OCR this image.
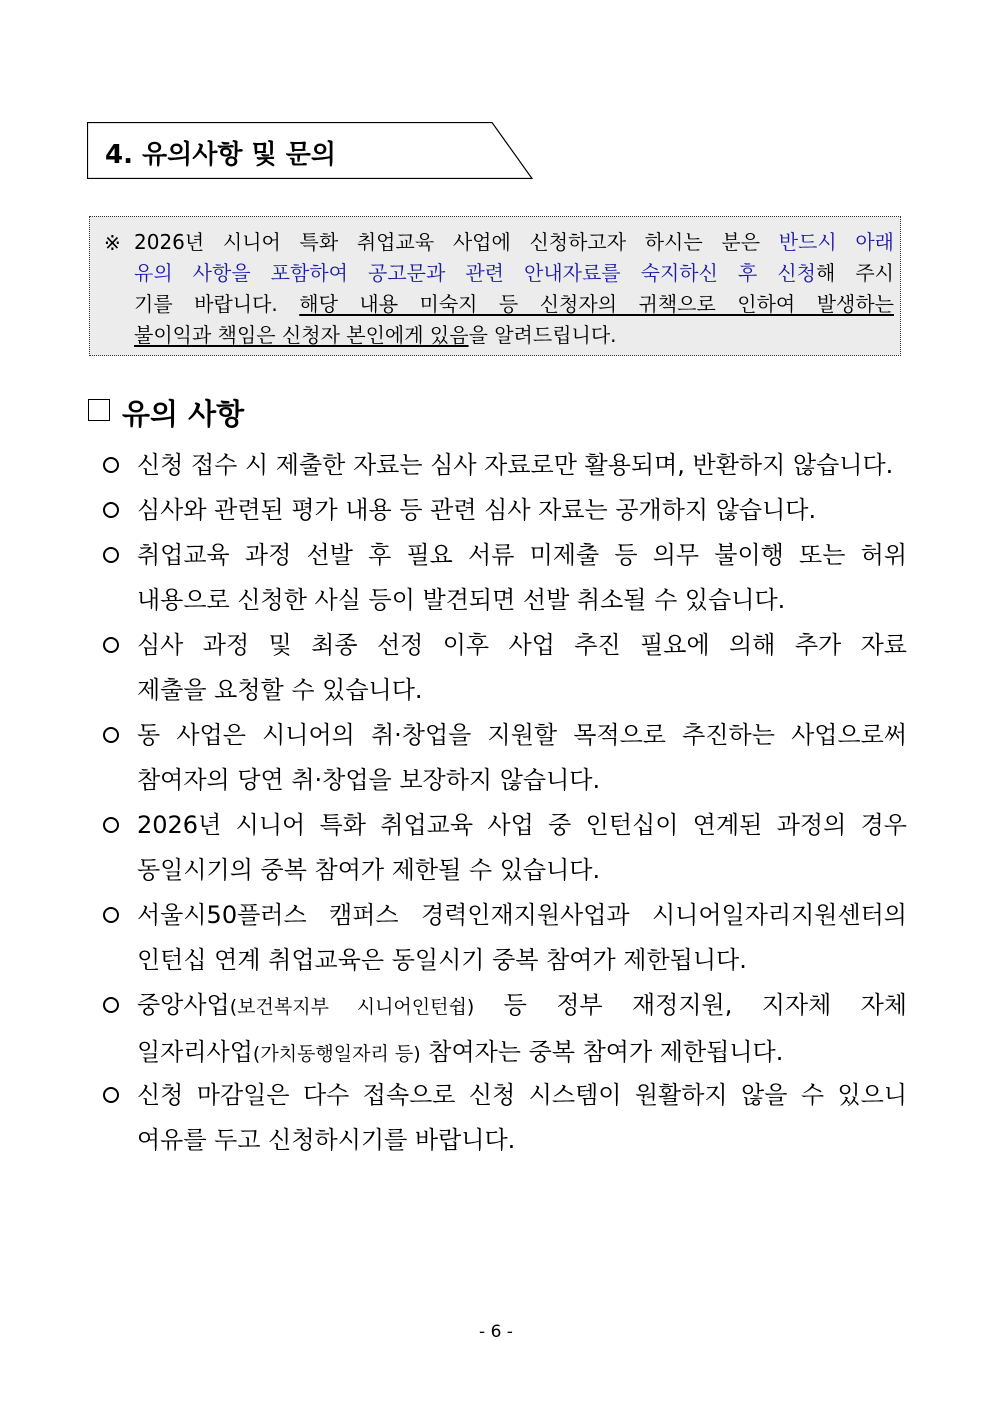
4. 유의사항 및 문의
※ 2026년 시니어 특화 취업교육 사업에 신청하고자 하시는 분은 반드시 아래
유의 사항을 포함하여 공고문과 관련 안내자료를 숙지하신 후 신청해 주시
기를 바랍니다. 해당 내용 미숙지 등 신청자의 귀책으로 인하여 발생하는
불이익과 책임은 신청자 본인에게 있음을 알려드립니다.
유의 사항
신청 접수 시 제출한 자료는 심사 자료로만 활용되며, 반환하지 않습니다.
심사와 관련된 평가 내용 등 관련 심사 자료는 공개하지 않습니다.
취업교육 과정 선발 후 필요 서류 미제출 등 의무 불이행 또는 허위
내용으로 신청한 사실 등이 발견되면 선발 취소될 수 있습니다.
심사 과정 및 최종 선정 이후 사업 추진 필요에 의해 추가 자료
제출을 요청할 수 있습니다.
동 사업은 시니어의 취·창업을 지원할 목적으로 추진하는 사업으로써
참여자의 당연 취·창업을 보장하지 않습니다.
2026년 시니어 특화 취업교육 사업 중 인턴십이 연계된 과정의 경우
동일시기의 중복 참여가 제한될 수 있습니다.
서울시50플러스 캠퍼스 경력인재지원사업과 시니어일자리지원센터의
인턴십 연계 취업교육은 동일시기 중복 참여가 제한됩니다.
중앙사업(보건복지부 시니어인턴쉽) 등 정부 재정지원, 지자체 자체
일자리사업(가치동행일자리 등) 참여자는 중복 참여가 제한됩니다.
신청 마감일은 다수 접속으로 신청 시스템이 원활하지 않을 수 있으니
여유를 두고 신청하시기를 바랍니다.
- 6 -
